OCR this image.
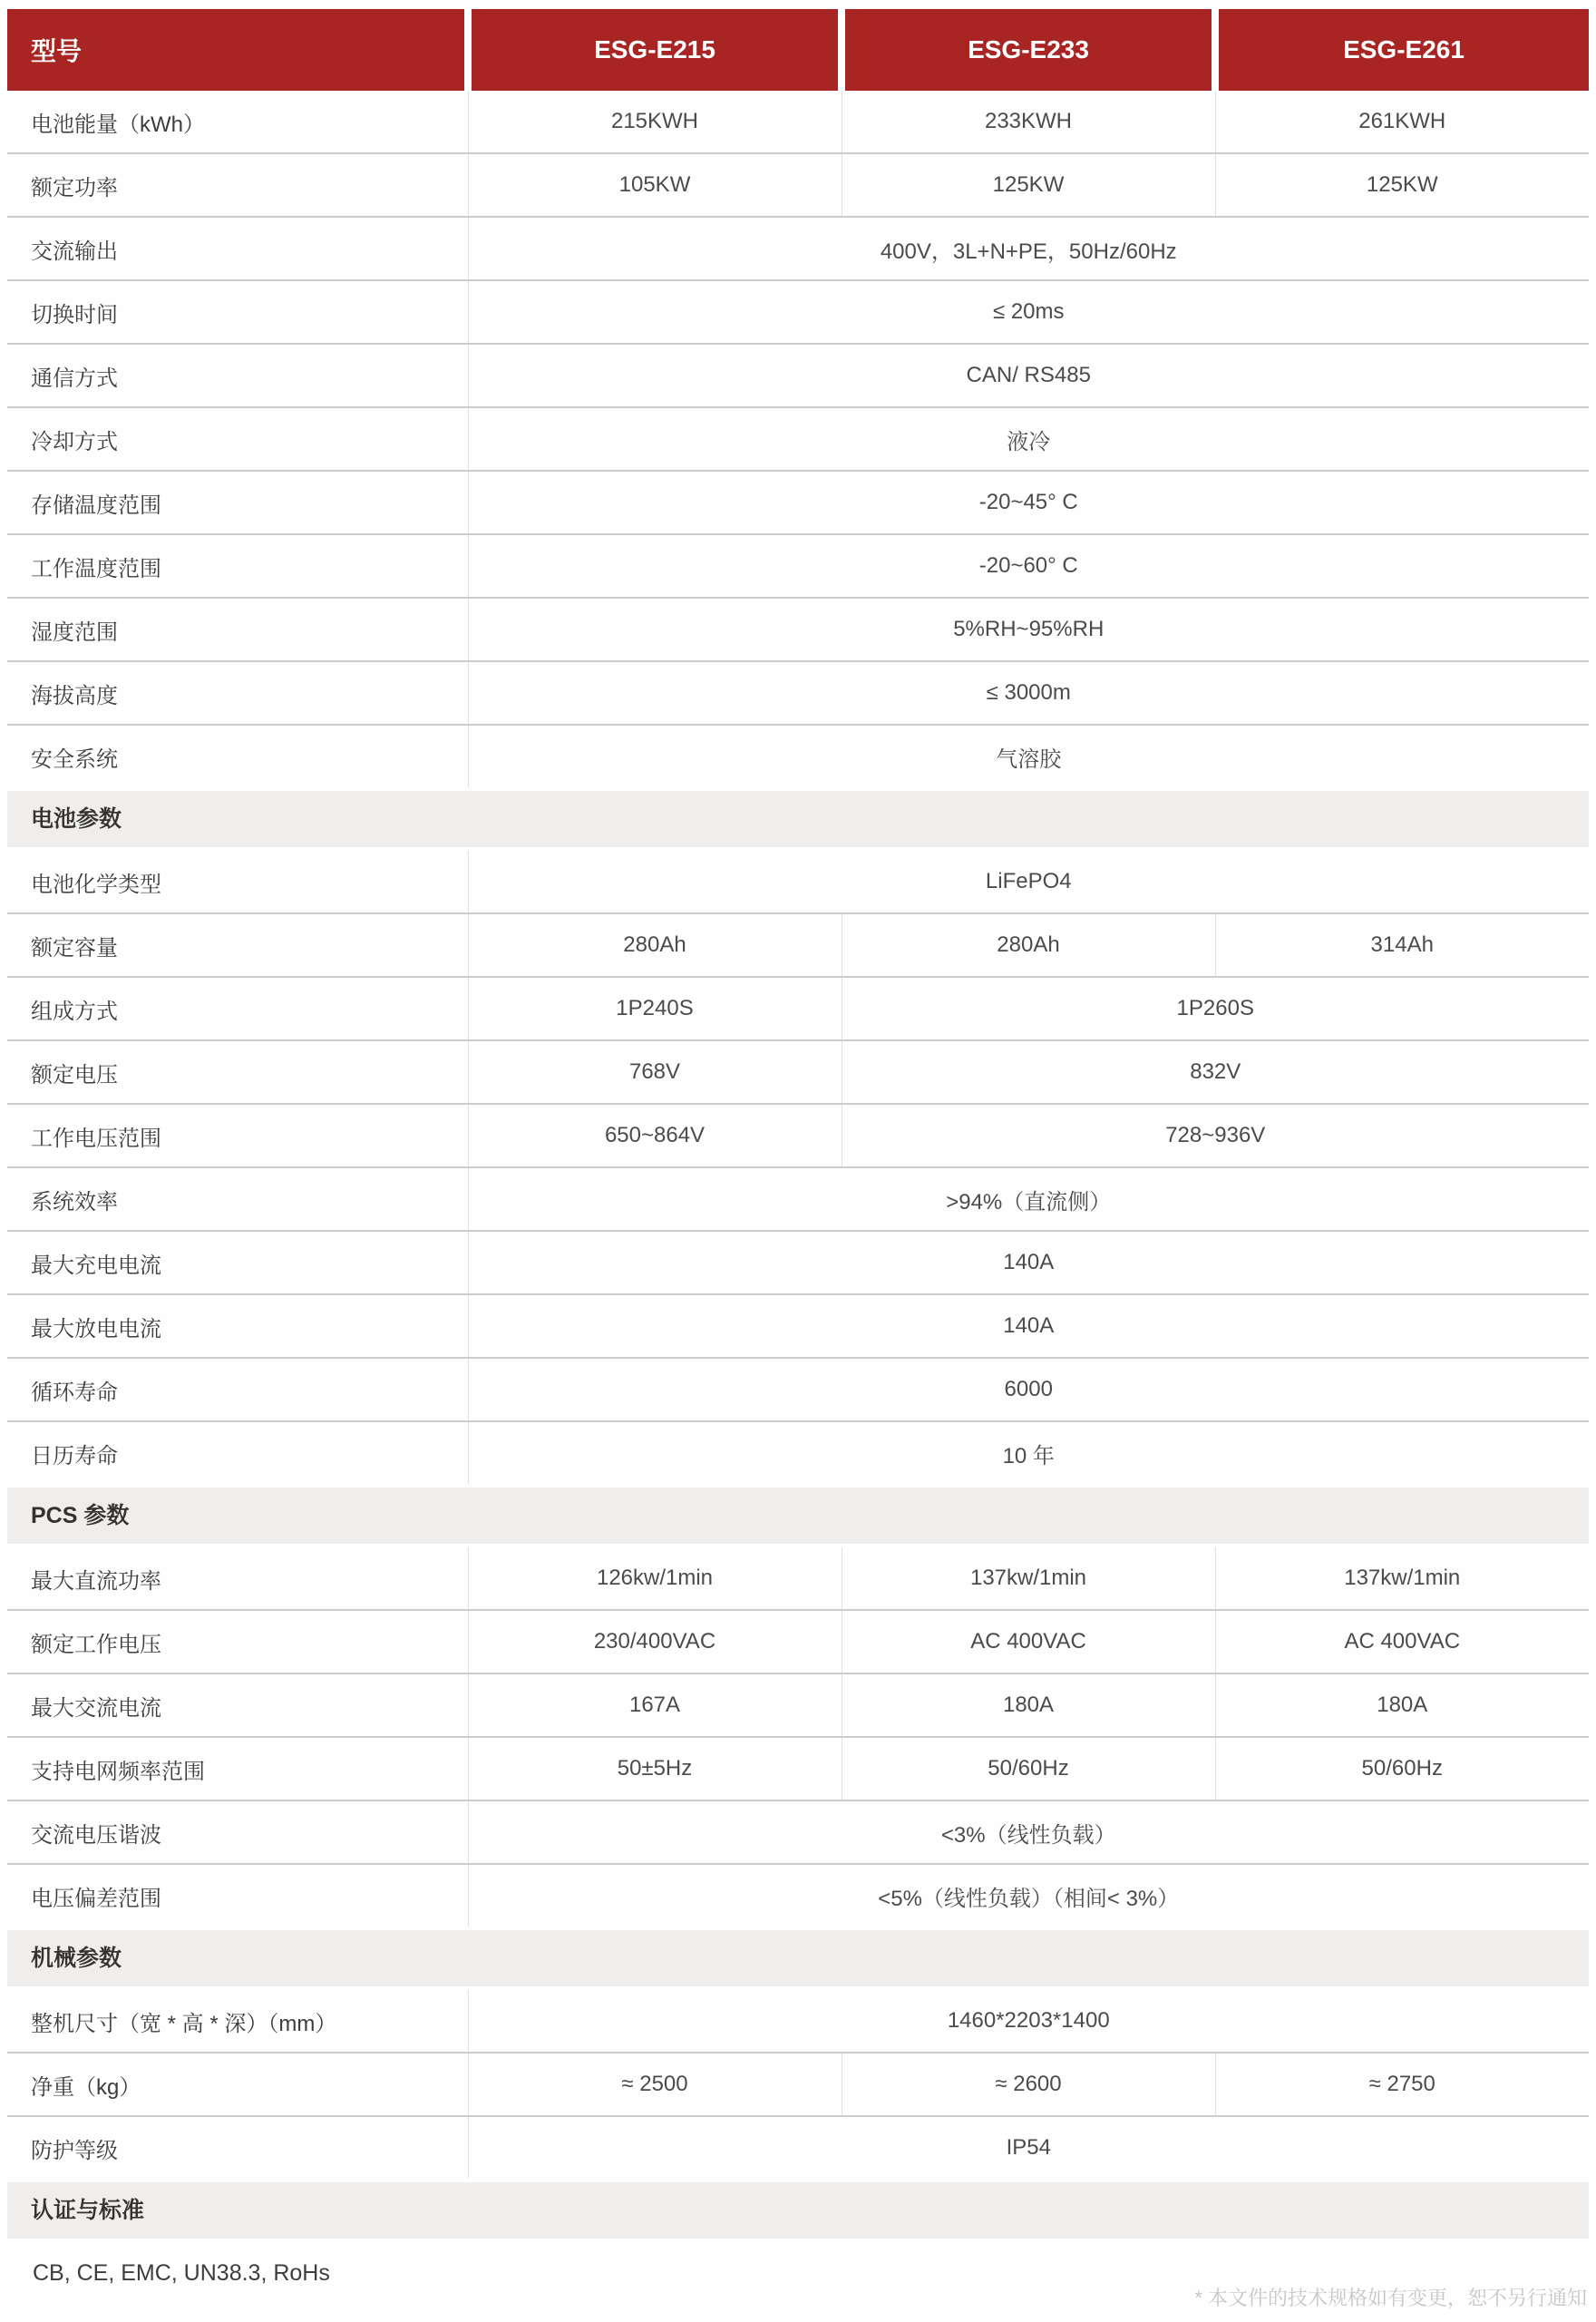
型号	ESG-E215	ESG-E233	ESG-E261
电池能量（kWh）	215KWH	233KWH	261KWH
额定功率	105KW	125KW	125KW
交流输出	400V，3L+N+PE，50Hz/60Hz		
切换时间	≤ 20ms		
通信方式	CAN/ RS485		
冷却方式	液冷		
存储温度范围	-20~45° C		
工作温度范围	-20~60° C		
湿度范围	5%RH~95%RH		
海拔高度	≤ 3000m		
安全系统	气溶胶		

电池参数			

电池化学类型	LiFePO4		
额定容量	280Ah	280Ah	314Ah
组成方式	1P240S	1P260S	
额定电压	768V	832V	
工作电压范围	650~864V	728~936V	
系统效率	>94%（直流侧）		
最大充电电流	140A		
最大放电电流	140A		
循环寿命	6000		
日历寿命	10 年		

PCS 参数			

最大直流功率	126kw/1min	137kw/1min	137kw/1min
额定工作电压	230/400VAC	AC 400VAC	AC 400VAC
最大交流电流	167A	180A	180A
支持电网频率范围	50±5Hz	50/60Hz	50/60Hz
交流电压谐波	<3%（线性负载）		
电压偏差范围	<5%（线性负载）（相间< 3%）		

机械参数			

整机尺寸（宽 * 高 * 深）（mm）	1460*2203*1400		
净重（kg）	≈ 2500	≈ 2600	≈ 2750
防护等级	IP54		

认证与标准			
CB, CE, EMC, UN38.3, RoHs
* 本文件的技术规格如有变更，恕不另行通知
